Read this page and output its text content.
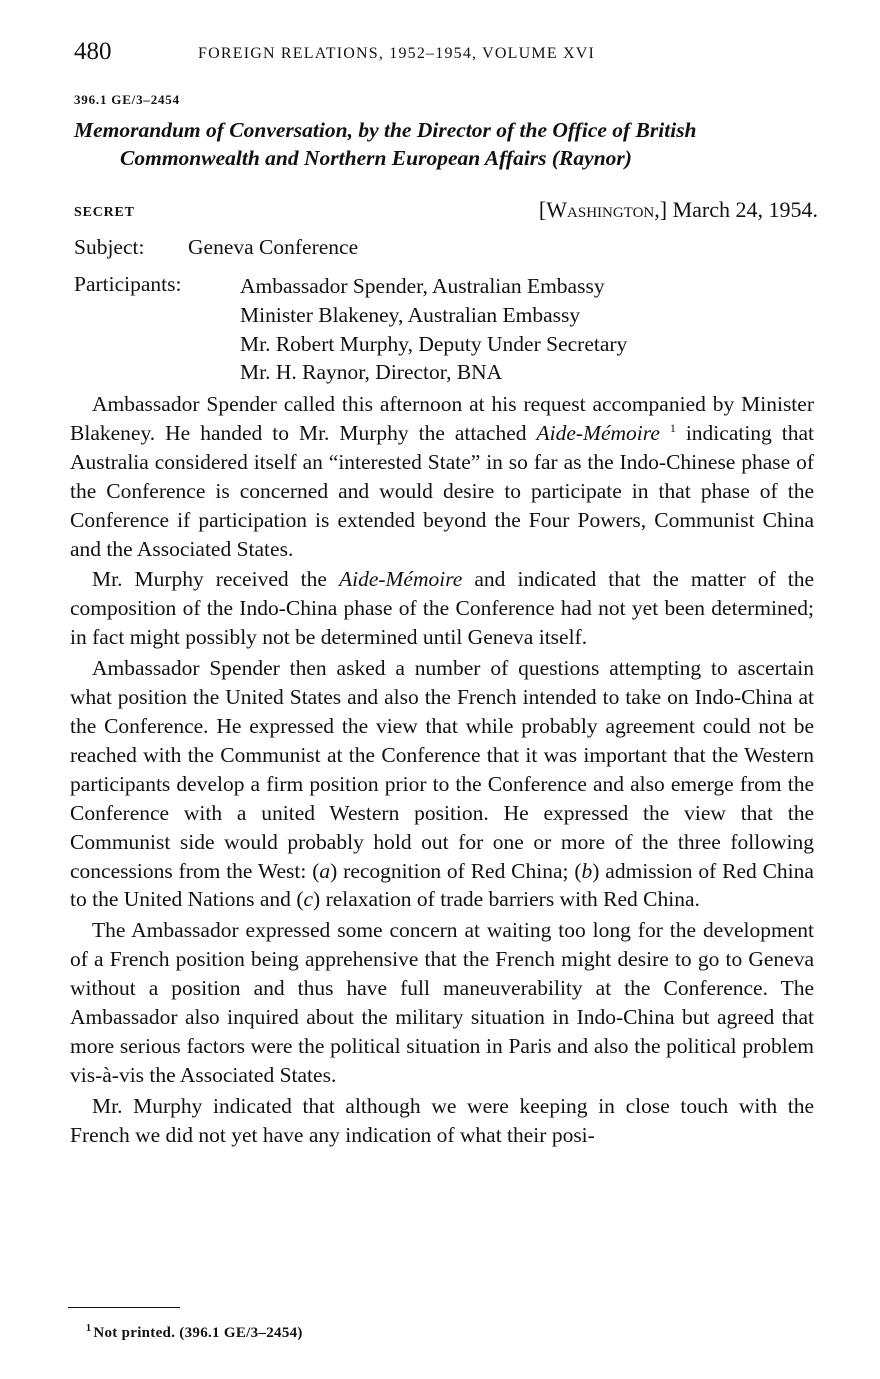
480	FOREIGN RELATIONS, 1952–1954, VOLUME XVI
396.1 GE/3–2454
Memorandum of Conversation, by the Director of the Office of British
Commonwealth and Northern European Affairs (Raynor)
SECRET	[Washington,] March 24, 1954.
Subject: Geneva Conference
Participants:	Ambassador Spender, Australian Embassy
Minister Blakeney, Australian Embassy
Mr. Robert Murphy, Deputy Under Secretary
Mr. H. Raynor, Director, BNA

Ambassador Spender called this afternoon at his request accompanied by Minister Blakeney. He handed to Mr. Murphy the attached Aide-Mémoire $^1$ indicating that Australia considered itself an “interested State” in so far as the Indo-Chinese phase of the Conference is concerned and would desire to participate in that phase of the Conference if participation is extended beyond the Four Powers, Communist China and the Associated States.

Mr. Murphy received the Aide-Mémoire and indicated that the matter of the composition of the Indo-China phase of the Conference had not yet been determined; in fact might possibly not be determined until Geneva itself.

Ambassador Spender then asked a number of questions attempting to ascertain what position the United States and also the French intended to take on Indo-China at the Conference. He expressed the view that while probably agreement could not be reached with the Communist at the Conference that it was important that the Western participants develop a firm position prior to the Conference and also emerge from the Conference with a united Western position. He expressed the view that the Communist side would probably hold out for one or more of the three following concessions from the West: (a) recognition of Red China; (b) admission of Red China to the United Nations and (c) relaxation of trade barriers with Red China.

The Ambassador expressed some concern at waiting too long for the development of a French position being apprehensive that the French might desire to go to Geneva without a position and thus have full maneuverability at the Conference. The Ambassador also inquired about the military situation in Indo-China but agreed that more serious factors were the political situation in Paris and also the political problem vis-à-vis the Associated States.

Mr. Murphy indicated that although we were keeping in close touch with the French we did not yet have any indication of what their posi-

$^1$ Not printed. (396.1 GE/3–2454)
